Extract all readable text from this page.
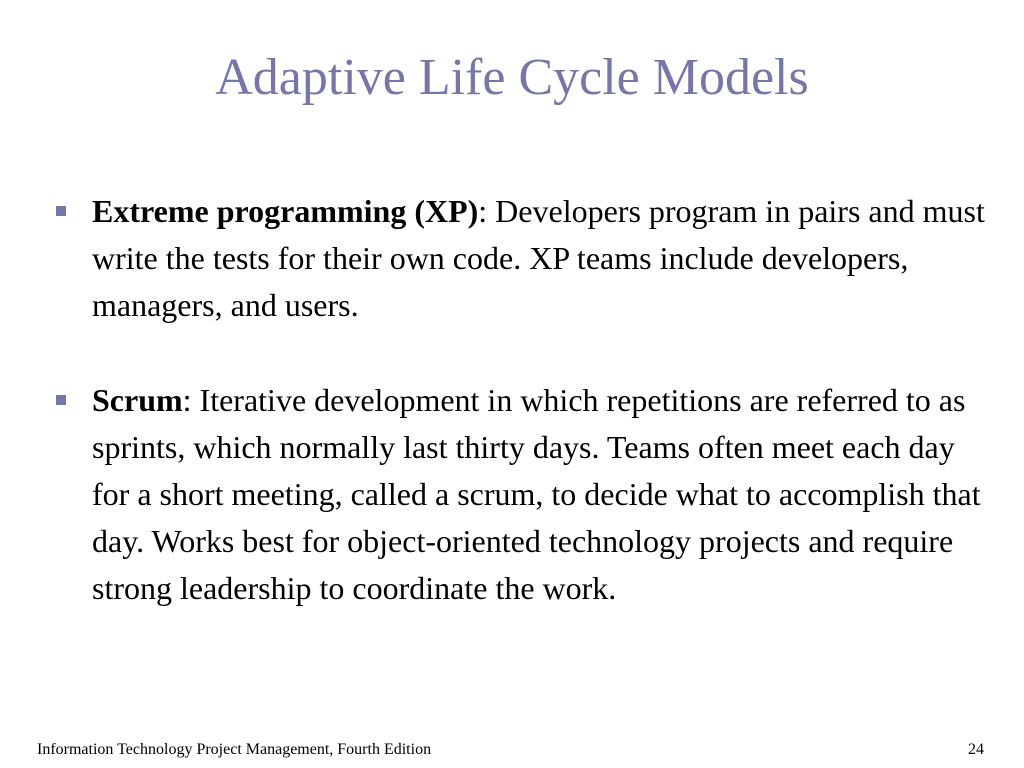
Adaptive Life Cycle Models
Extreme programming (XP): Developers program in pairs and must write the tests for their own code. XP teams include developers, managers, and users.
Scrum: Iterative development in which repetitions are referred to as sprints, which normally last thirty days. Teams often meet each day for a short meeting, called a scrum, to decide what to accomplish that day. Works best for object-oriented technology projects and require strong leadership to coordinate the work.
Information Technology Project Management, Fourth Edition	24
